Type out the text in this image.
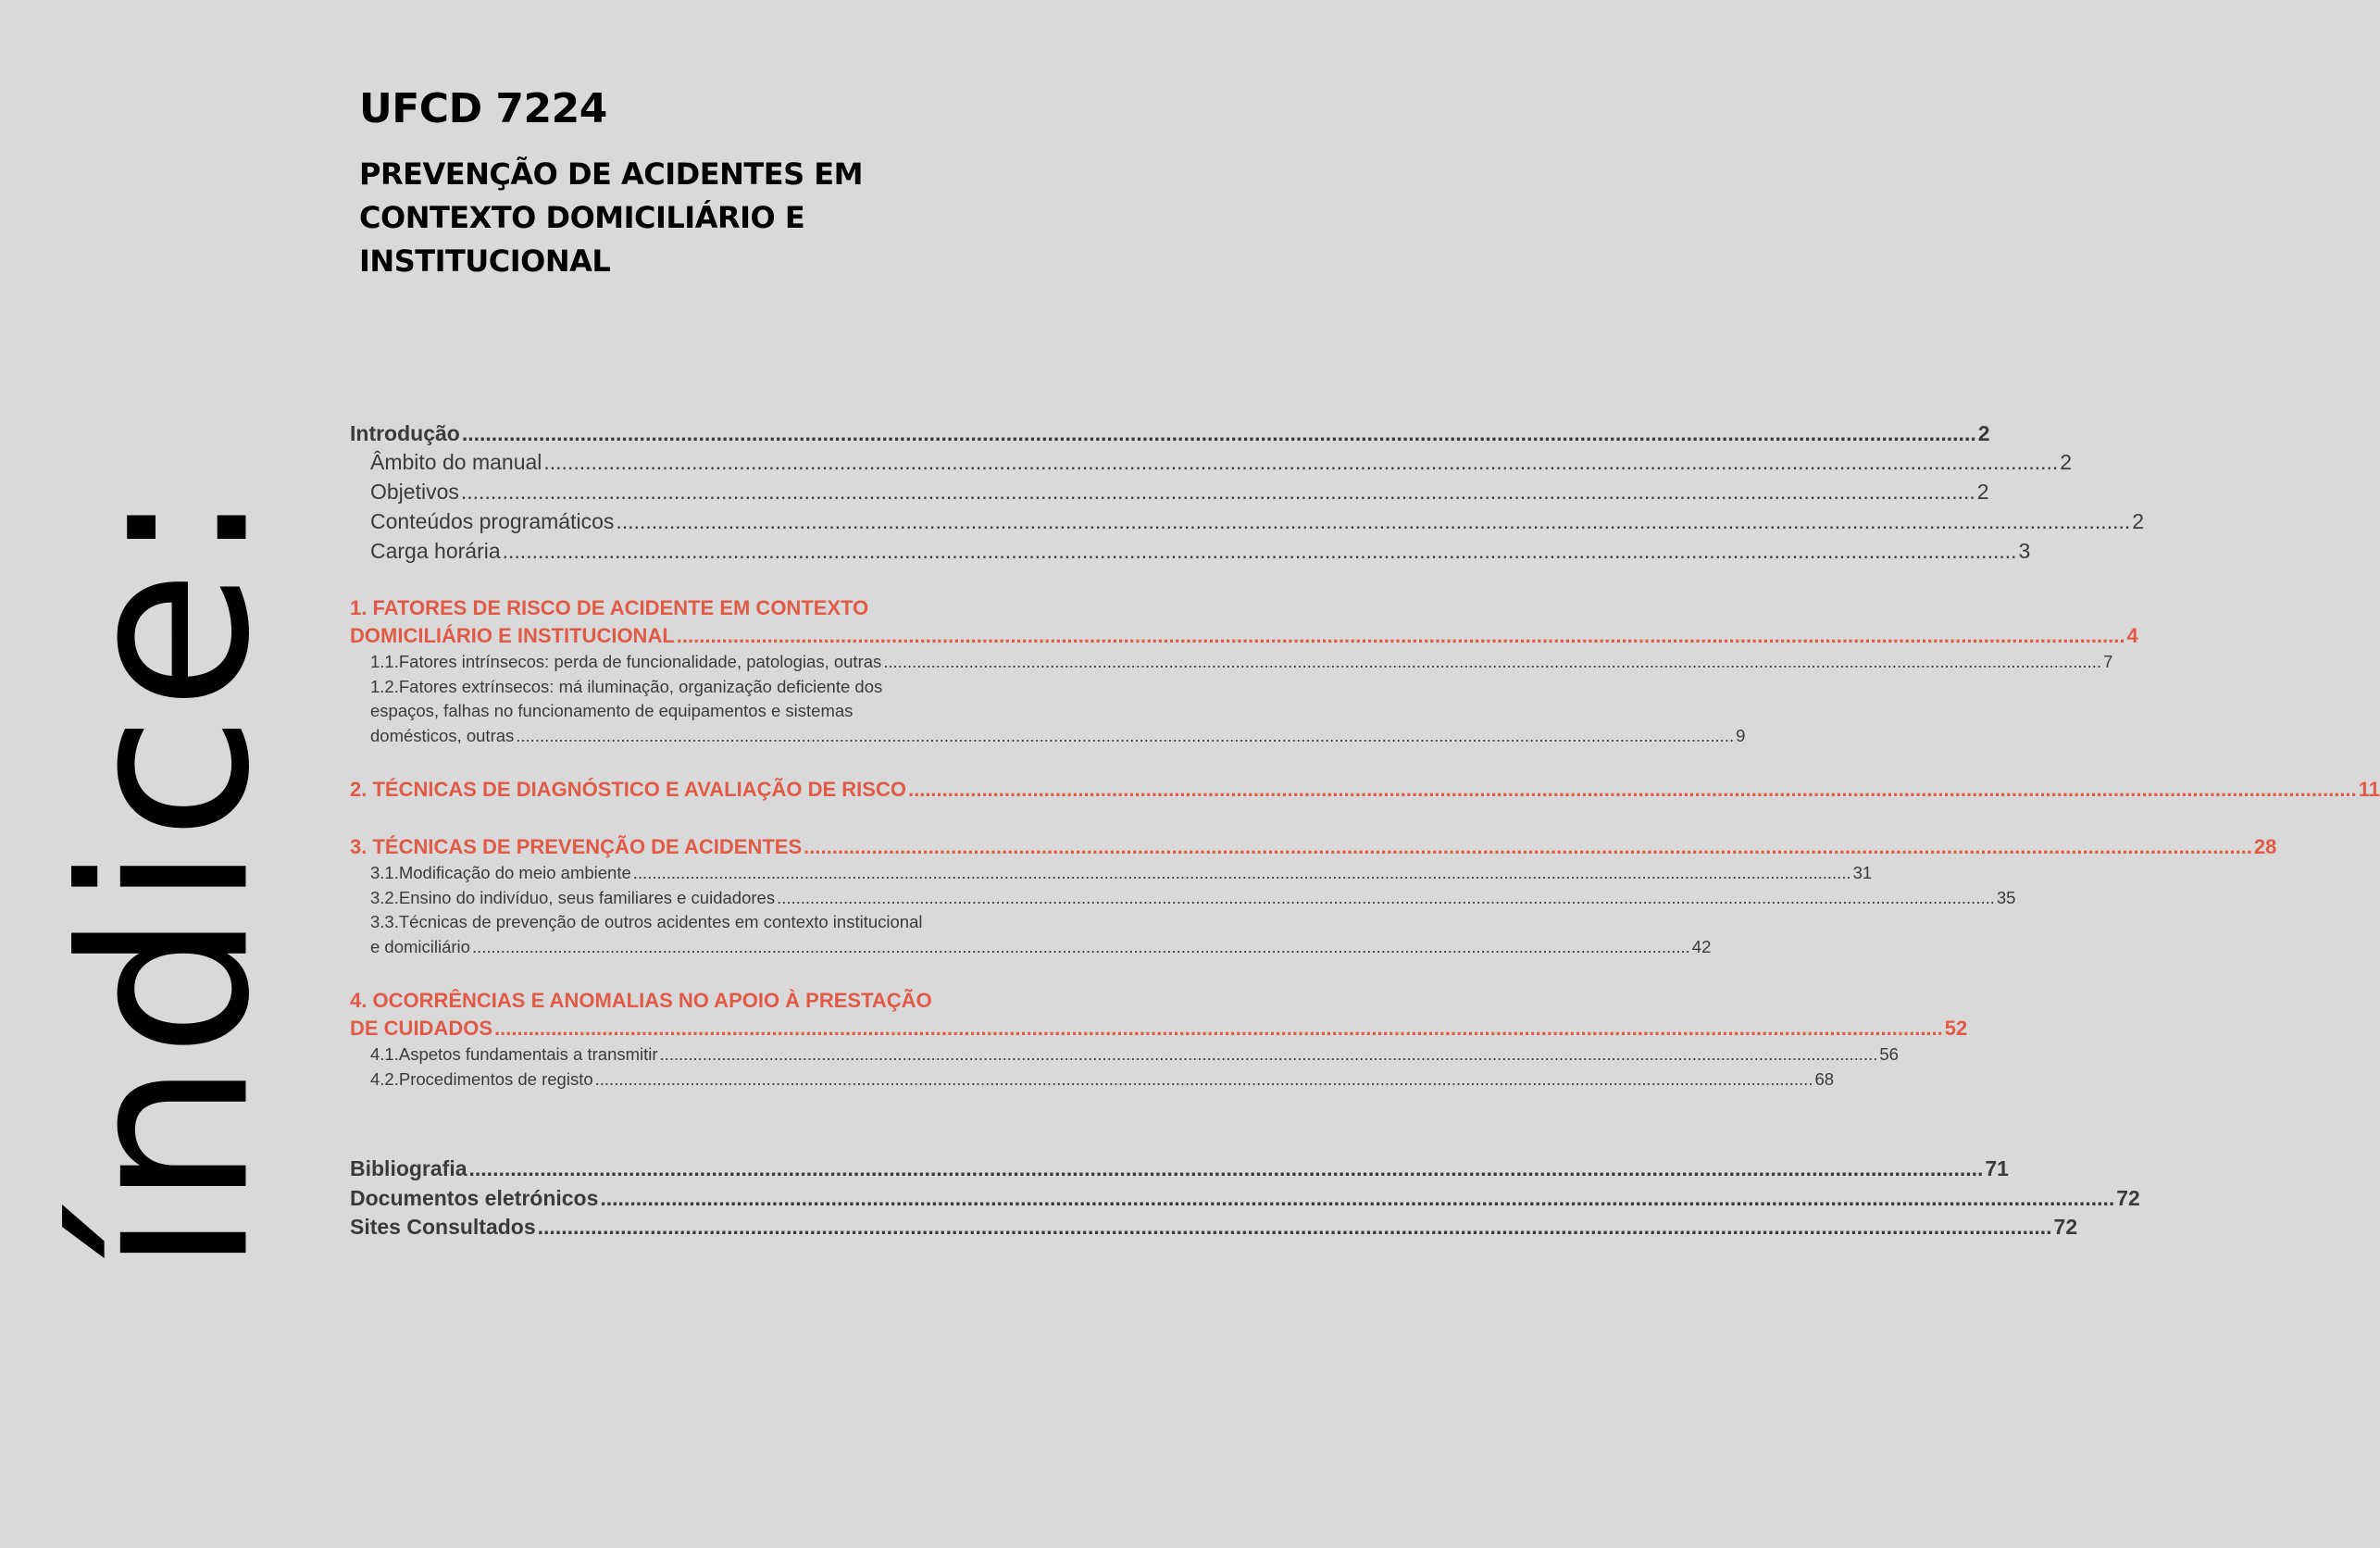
índice:
UFCD 7224
PREVENÇÃO DE ACIDENTES EM
CONTEXTO DOMICILIÁRIO E
INSTITUCIONAL
Introdução .....	2
Âmbito do manual .....	2
Objetivos .....	2
Conteúdos programáticos .....	2
Carga horária .....	3
1. FATORES DE RISCO DE ACIDENTE EM CONTEXTO
DOMICILIÁRIO E INSTITUCIONAL .....	4
1.1.Fatores intrínsecos: perda de funcionalidade, patologias, outras .....	7
1.2.Fatores extrínsecos: má iluminação, organização deficiente dos
espaços, falhas no funcionamento de equipamentos e sistemas
domésticos, outras .....	9
2. TÉCNICAS DE DIAGNÓSTICO E AVALIAÇÃO DE RISCO .....	11
3. TÉCNICAS DE PREVENÇÃO DE ACIDENTES .....	28
3.1.Modificação do meio ambiente .....	31
3.2.Ensino do indivíduo, seus familiares e cuidadores .....	35
3.3.Técnicas de prevenção de outros acidentes em contexto institucional
e domiciliário .....	42
4. OCORRÊNCIAS E ANOMALIAS NO APOIO À PRESTAÇÃO
DE CUIDADOS .....	52
4.1.Aspetos fundamentais a transmitir .....	56
4.2.Procedimentos de registo .....	68
Bibliografia .....	71
Documentos eletrónicos .....	72
Sites Consultados .....	72
